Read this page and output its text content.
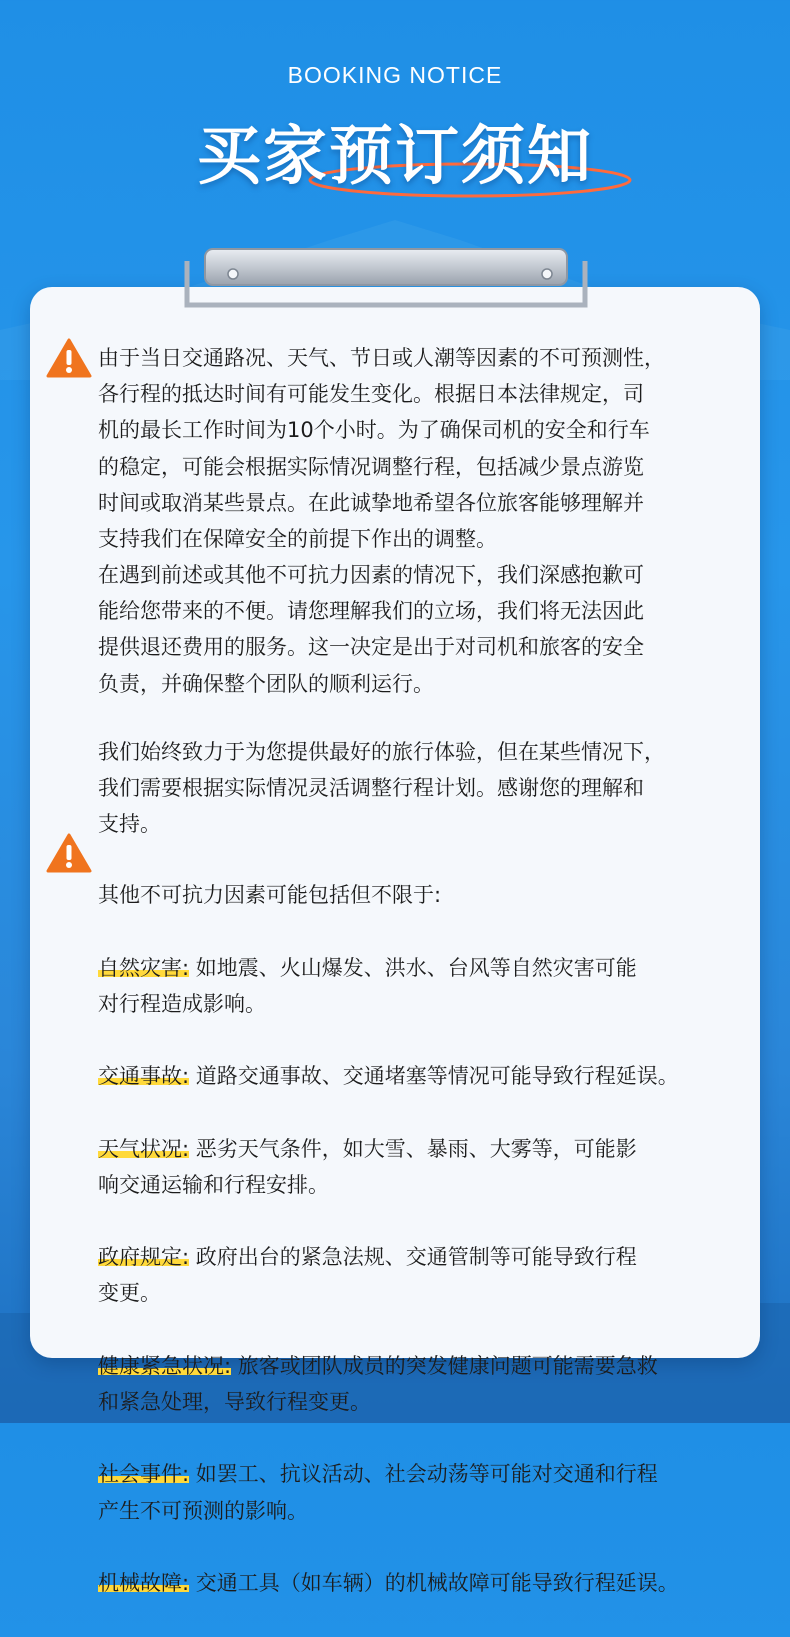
BOOKING NOTICE
买家预订须知
由于当日交通路况、天气、节日或人潮等因素的不可预测性，
各行程的抵达时间有可能发生变化。根据日本法律规定，司
机的最长工作时间为10个小时。为了确保司机的安全和行车
的稳定，可能会根据实际情况调整行程，包括减少景点游览
时间或取消某些景点。在此诚挚地希望各位旅客能够理解并
支持我们在保障安全的前提下作出的调整。
在遇到前述或其他不可抗力因素的情况下，我们深感抱歉可
能给您带来的不便。请您理解我们的立场，我们将无法因此
提供退还费用的服务。这一决定是出于对司机和旅客的安全
负责，并确保整个团队的顺利运行。
我们始终致力于为您提供最好的旅行体验，但在某些情况下，
我们需要根据实际情况灵活调整行程计划。感谢您的理解和
支持。

其他不可抗力因素可能包括但不限于:

自然灾害: 如地震、火山爆发、洪水、台风等自然灾害可能
对行程造成影响。

交通事故: 道路交通事故、交通堵塞等情况可能导致行程延误。

天气状况: 恶劣天气条件，如大雪、暴雨、大雾等，可能影
响交通运输和行程安排。

政府规定: 政府出台的紧急法规、交通管制等可能导致行程
变更。

健康紧急状况: 旅客或团队成员的突发健康问题可能需要急救
和紧急处理，导致行程变更。

社会事件: 如罢工、抗议活动、社会动荡等可能对交通和行程
产生不可预测的影响。

机械故障: 交通工具（如车辆）的机械故障可能导致行程延误。
